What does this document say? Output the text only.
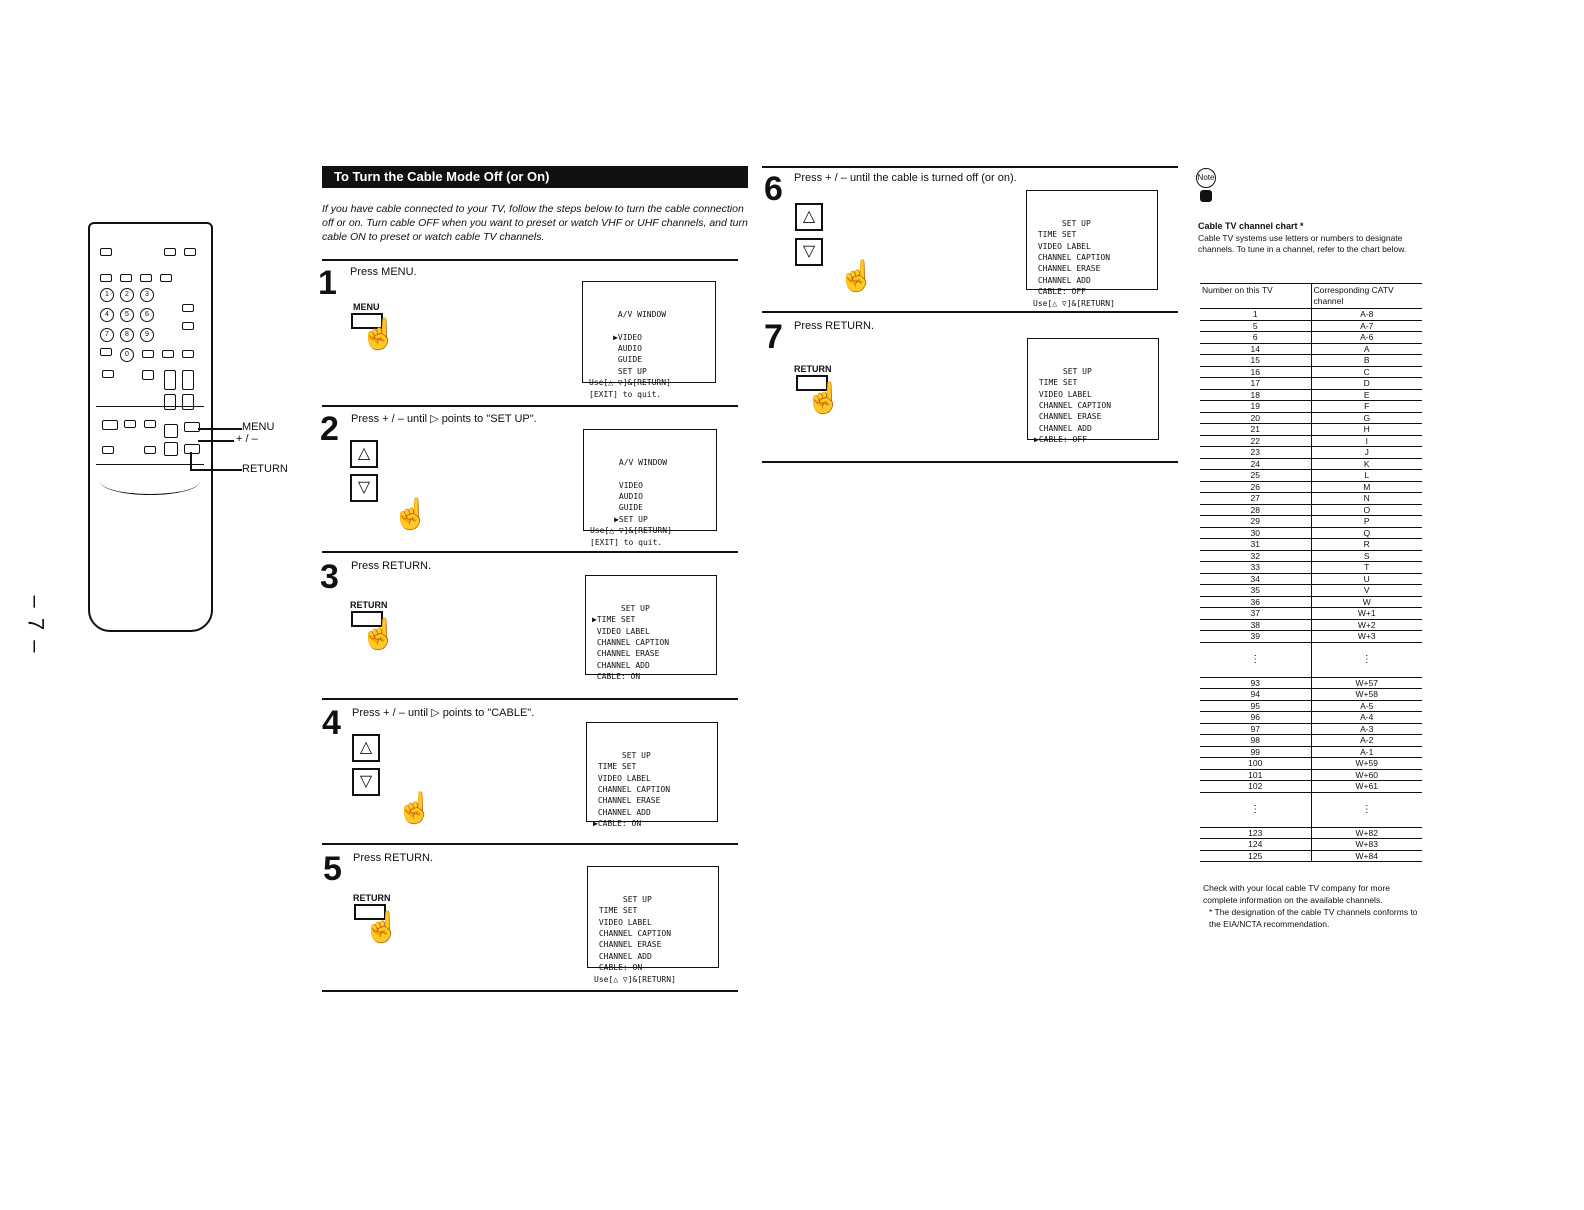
1	2	3
4	5	6
7	8	9
0
MENU
+ / –
RETURN
– 7 –
To Turn the Cable Mode Off (or On)
If you have cable connected to your TV, follow the steps below to turn the cable connection off or on. Turn cable OFF when you want to preset or watch VHF or UHF channels, and turn cable ON to preset or watch cable TV channels.
1 Press MENU.
MENU
☝

A/V WINDOW

▶VIDEO
AUDIO
GUIDE
SET UP
Use[△ ▽]&[RETURN]
[EXIT] to quit.

2 Press + / – until ▷ points to "SET UP".
△
▽
☝

A/V WINDOW

VIDEO
AUDIO
GUIDE
▶SET UP
Use[△ ▽]&[RETURN]
[EXIT] to quit.

3 Press RETURN.
RETURN
☝

SET UP
▶TIME SET
VIDEO LABEL
CHANNEL CAPTION
CHANNEL ERASE
CHANNEL ADD
CABLE: ON

4 Press + / – until ▷ points to "CABLE".
△
▽
☝

SET UP
TIME SET
VIDEO LABEL
CHANNEL CAPTION
CHANNEL ERASE
CHANNEL ADD
▶CABLE: ON

5 Press RETURN.
RETURN
☝

SET UP
TIME SET
VIDEO LABEL
CHANNEL CAPTION
CHANNEL ERASE
CHANNEL ADD
CABLE: ON
Use[△ ▽]&[RETURN]

6 Press + / – until the cable is turned off (or on).
△
▽
☝

SET UP
TIME SET
VIDEO LABEL
CHANNEL CAPTION
CHANNEL ERASE
CHANNEL ADD
CABLE: OFF
Use[△ ▽]&[RETURN]

7 Press RETURN.
RETURN
☝

SET UP
TIME SET
VIDEO LABEL
CHANNEL CAPTION
CHANNEL ERASE
CHANNEL ADD
▶CABLE: OFF

Note
Cable TV channel chart *
Cable TV systems use letters or numbers to designate channels. To tune in a channel, refer to the chart below.
Number on this TV	Corresponding CATV channel
1	A-8
5	A-7
6	A-6
14	A
15	B
16	C
17	D
18	E
19	F
20	G
21	H
22	I
23	J
24	K
25	L
26	M
27	N
28	O
29	P
30	Q
31	R
32	S
33	T
34	U
35	V
36	W
37	W+1
38	W+2
39	W+3
⋮	⋮
93	W+57
94	W+58
95	A-5
96	A-4
97	A-3
98	A-2
99	A-1
100	W+59
101	W+60
102	W+61
⋮	⋮
123	W+82
124	W+83
125	W+84
Check with your local cable TV company for more complete information on the available channels.
* The designation of the cable TV channels conforms to the EIA/NCTA recommendation.
